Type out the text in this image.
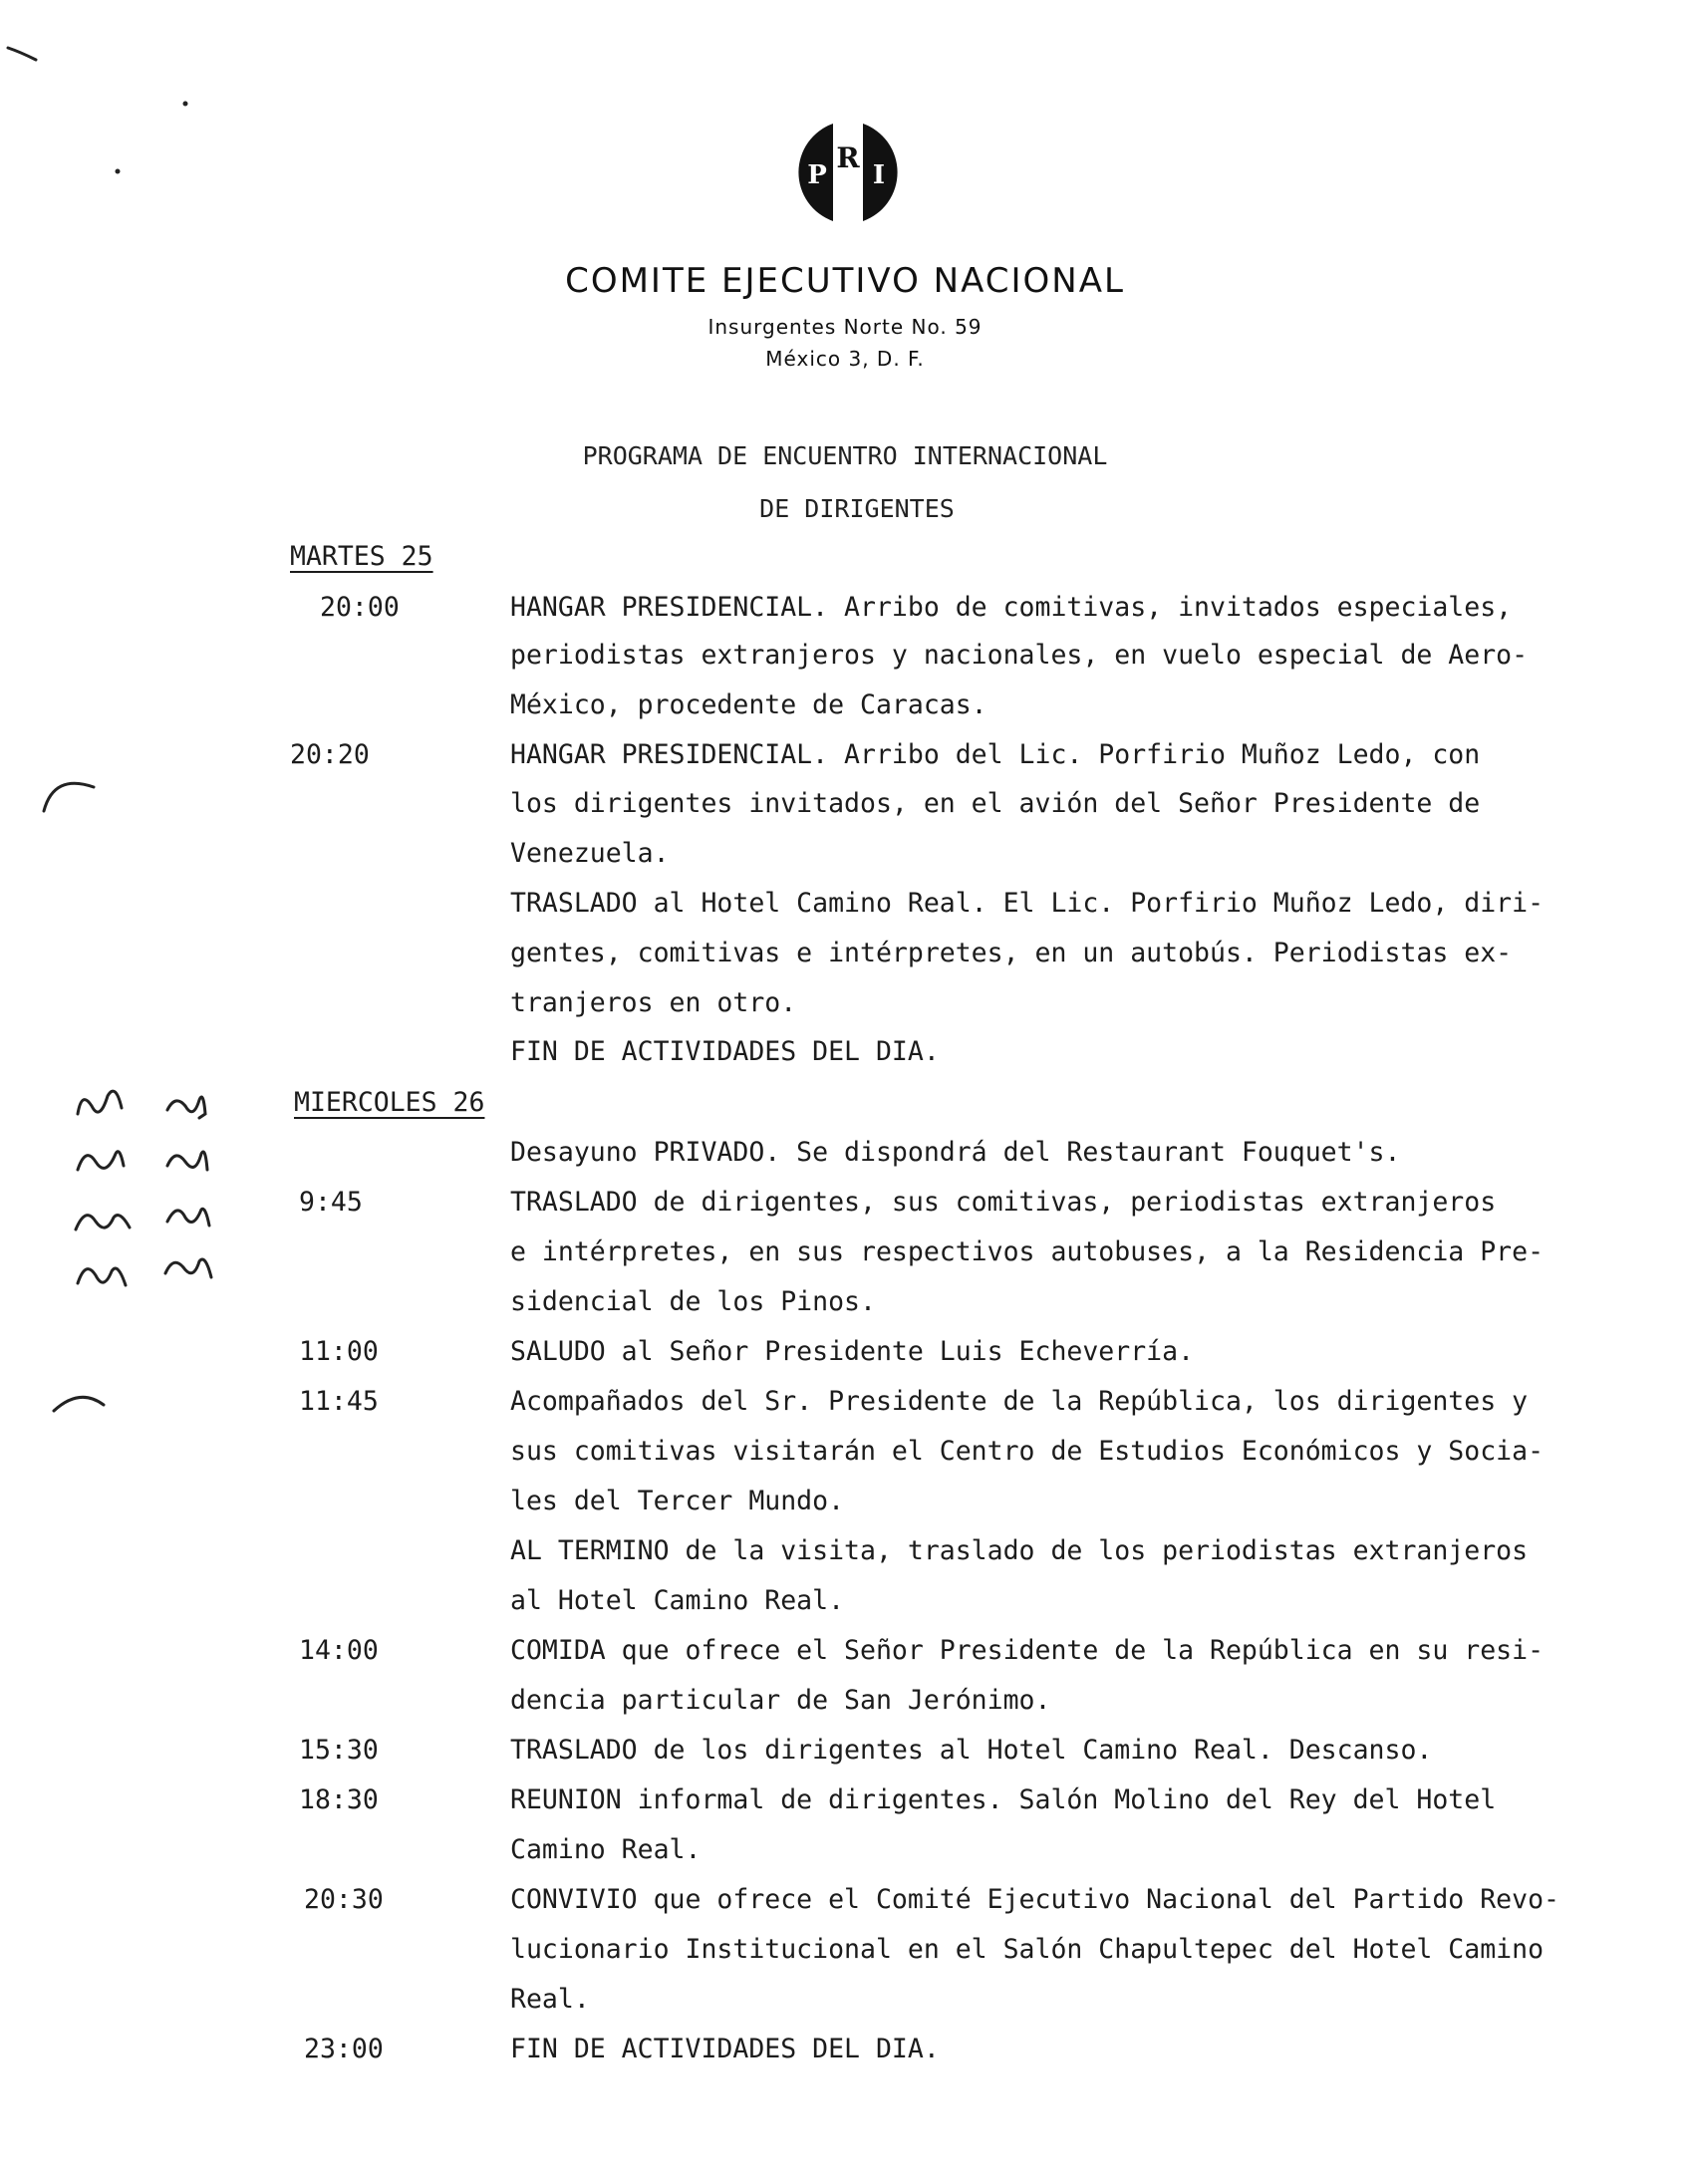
P
R
I
COMITE EJECUTIVO NACIONAL
Insurgentes Norte No. 59
México 3, D. F.
PROGRAMA DE ENCUENTRO INTERNACIONAL
DE DIRIGENTES
MARTES 25
20:00	HANGAR PRESIDENCIAL. Arribo de comitivas, invitados especiales,
periodistas extranjeros y nacionales, en vuelo especial de Aero-
México, procedente de Caracas.
20:20	HANGAR PRESIDENCIAL. Arribo del Lic. Porfirio Muñoz Ledo, con
los dirigentes invitados, en el avión del Señor Presidente de
Venezuela.
TRASLADO al Hotel Camino Real. El Lic. Porfirio Muñoz Ledo, diri-
gentes, comitivas e intérpretes, en un autobús. Periodistas ex-
tranjeros en otro.
FIN DE ACTIVIDADES DEL DIA.
MIERCOLES 26
Desayuno PRIVADO. Se dispondrá del Restaurant Fouquet's.
9:45	TRASLADO de dirigentes, sus comitivas, periodistas extranjeros
e intérpretes, en sus respectivos autobuses, a la Residencia Pre-
sidencial de los Pinos.
11:00	SALUDO al Señor Presidente Luis Echeverría.
11:45	Acompañados del Sr. Presidente de la República, los dirigentes y
sus comitivas visitarán el Centro de Estudios Económicos y Socia-
les del Tercer Mundo.
AL TERMINO de la visita, traslado de los periodistas extranjeros
al Hotel Camino Real.
14:00	COMIDA que ofrece el Señor Presidente de la República en su resi-
dencia particular de San Jerónimo.
15:30	TRASLADO de los dirigentes al Hotel Camino Real. Descanso.
18:30	REUNION informal de dirigentes. Salón Molino del Rey del Hotel
Camino Real.
20:30	CONVIVIO que ofrece el Comité Ejecutivo Nacional del Partido Revo-
lucionario Institucional en el Salón Chapultepec del Hotel Camino
Real.
23:00	FIN DE ACTIVIDADES DEL DIA.
